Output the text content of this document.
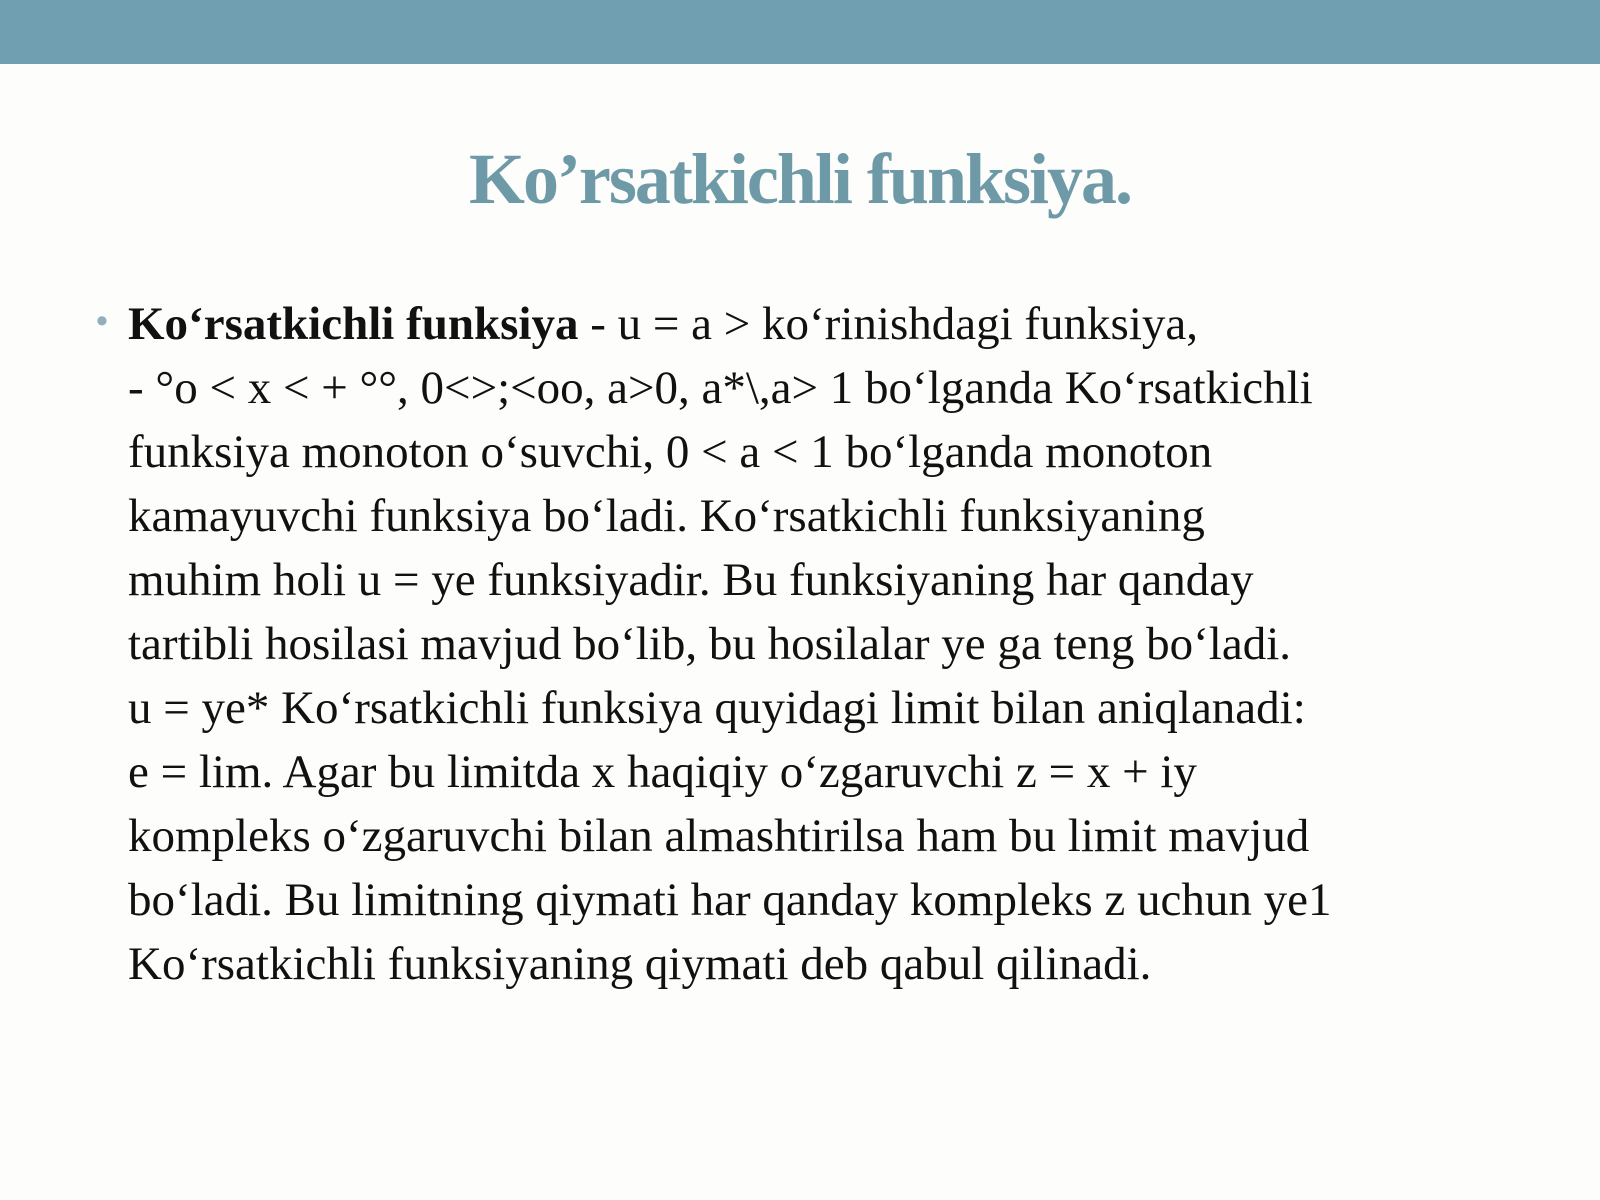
Ko’rsatkichli funksiya.
• Ko‘rsatkichli funksiya - u = a > ko‘rinishdagi funksiya,
- °o < x < + °°, 0<>;<oo, a>0, a*\,a> 1 bo‘lganda Ko‘rsatkichli
funksiya monoton o‘suvchi, 0 < a < 1 bo‘lganda monoton
kamayuvchi funksiya bo‘ladi. Ko‘rsatkichli funksiyaning
muhim holi u = ye funksiyadir. Bu funksiyaning har qanday
tartibli hosilasi mavjud bo‘lib, bu hosilalar ye ga teng bo‘ladi.
u = ye* Ko‘rsatkichli funksiya quyidagi limit bilan aniqlanadi:
e = lim. Agar bu limitda x haqiqiy o‘zgaruvchi z = x + iy
kompleks o‘zgaruvchi bilan almashtirilsa ham bu limit mavjud
bo‘ladi. Bu limitning qiymati har qanday kompleks z uchun ye1
Ko‘rsatkichli funksiyaning qiymati deb qabul qilinadi.
